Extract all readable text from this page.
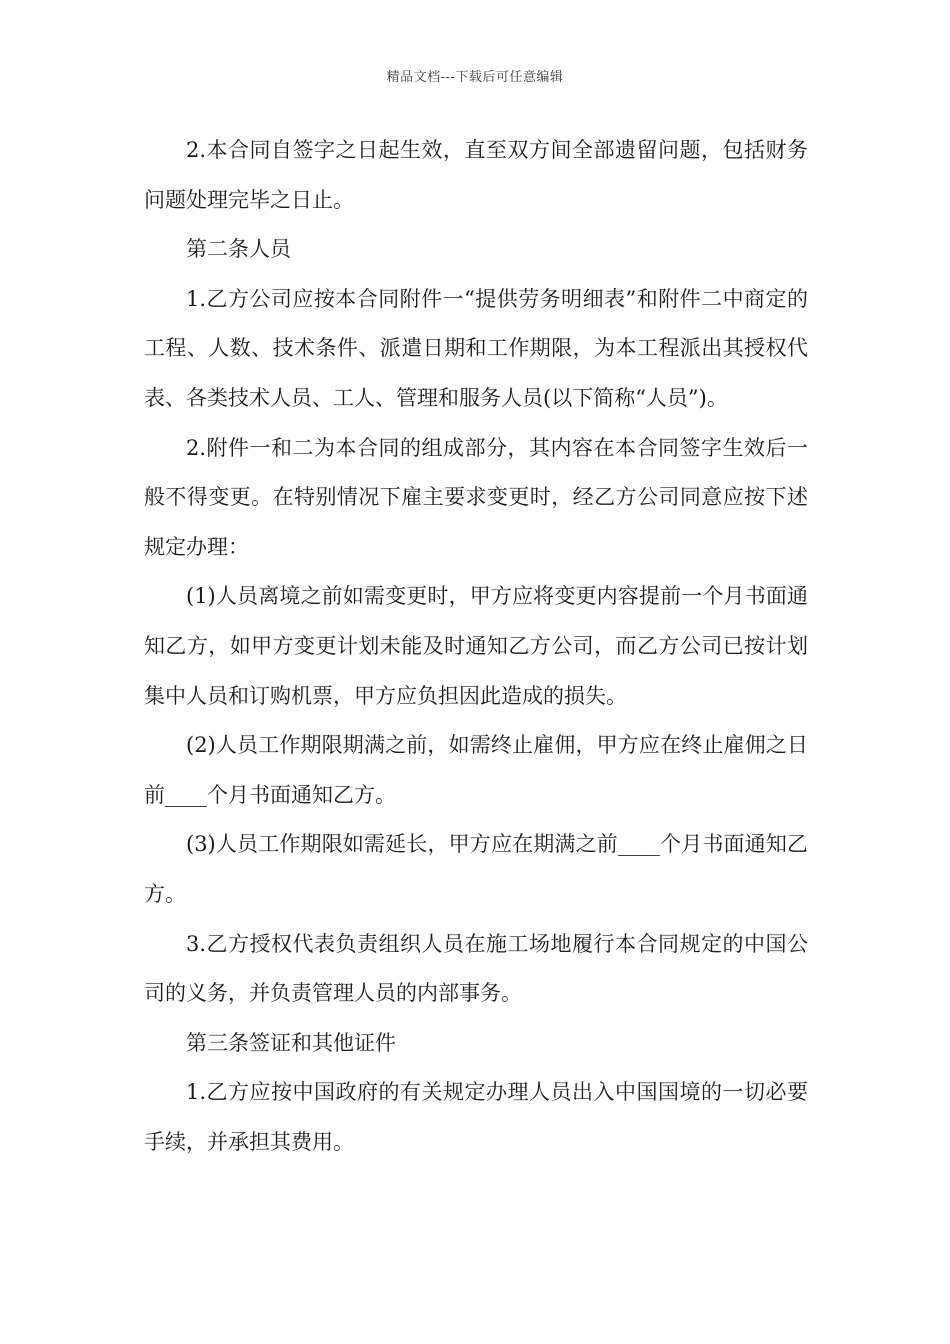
精品文档---下载后可任意编辑

2.本合同自签字之日起生效，直至双方间全部遗留问题，包括财务问题处理完毕之日止。

第二条人员

1.乙方公司应按本合同附件一“提供劳务明细表”和附件二中商定的工程、人数、技术条件、派遣日期和工作期限，为本工程派出其授权代表、各类技术人员、工人、管理和服务人员(以下简称“人员”)。

2.附件一和二为本合同的组成部分，其内容在本合同签字生效后一般不得变更。在特别情况下雇主要求变更时，经乙方公司同意应按下述规定办理：

(1)人员离境之前如需变更时，甲方应将变更内容提前一个月书面通知乙方，如甲方变更计划未能及时通知乙方公司，而乙方公司已按计划集中人员和订购机票，甲方应负担因此造成的损失。

(2)人员工作期限期满之前，如需终止雇佣，甲方应在终止雇佣之日前____个月书面通知乙方。

(3)人员工作期限如需延长，甲方应在期满之前____个月书面通知乙方。

3.乙方授权代表负责组织人员在施工场地履行本合同规定的中国公司的义务，并负责管理人员的内部事务。

第三条签证和其他证件

1.乙方应按中国政府的有关规定办理人员出入中国国境的一切必要手续，并承担其费用。
